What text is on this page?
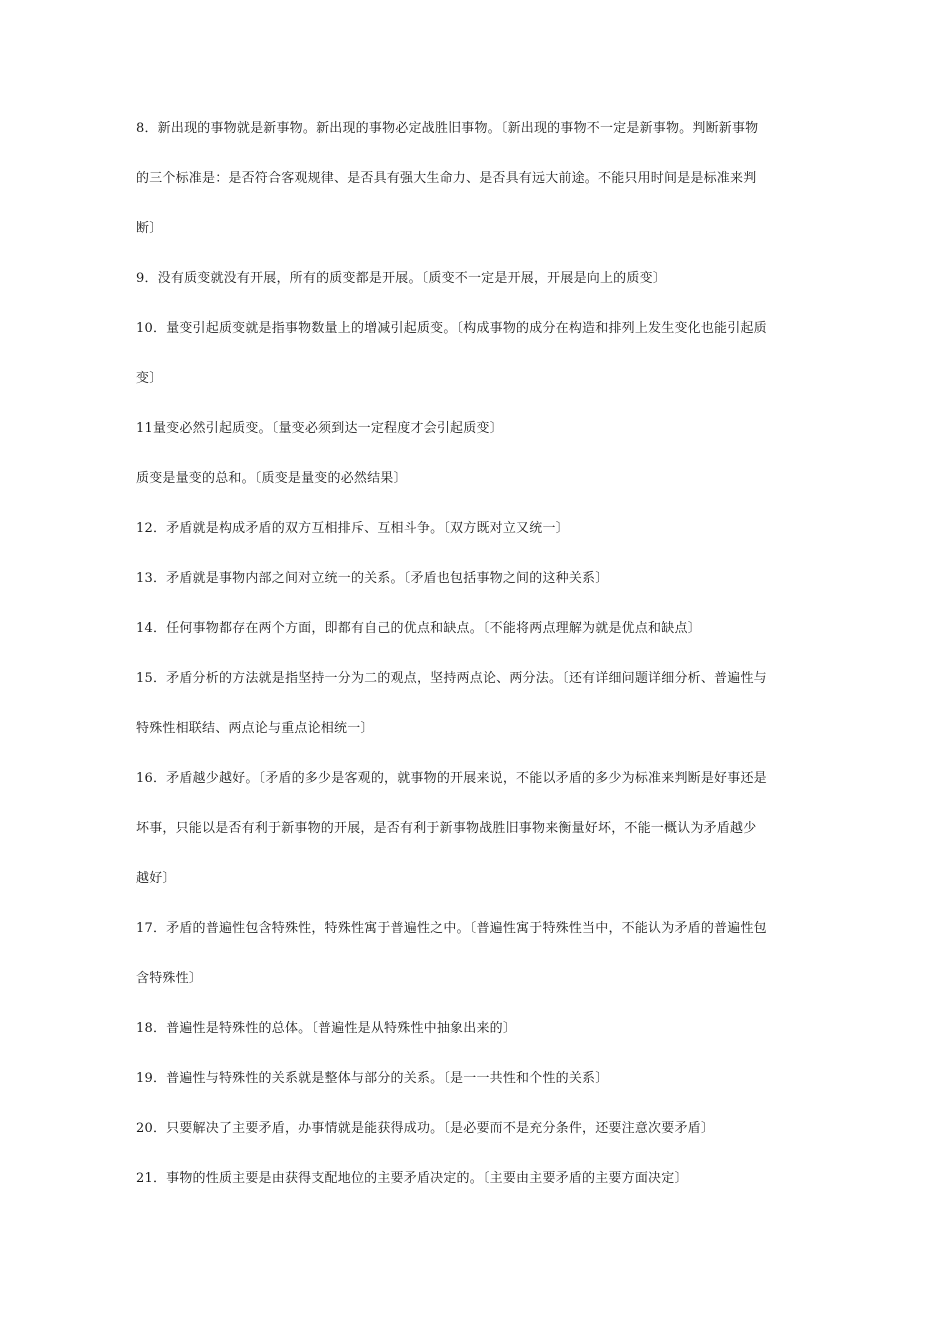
8．新出现的事物就是新事物。新出现的事物必定战胜旧事物。〔新出现的事物不一定是新事物。判断新事物
的三个标准是：是否符合客观规律、是否具有强大生命力、是否具有远大前途。不能只用时间是是标准来判
断〕
9．没有质变就没有开展，所有的质变都是开展。〔质变不一定是开展，开展是向上的质变〕
10．量变引起质变就是指事物数量上的增减引起质变。〔构成事物的成分在构造和排列上发生变化也能引起质
变〕
11量变必然引起质变。〔量变必须到达一定程度才会引起质变〕
质变是量变的总和。〔质变是量变的必然结果〕
12．矛盾就是构成矛盾的双方互相排斥、互相斗争。〔双方既对立又统一〕
13．矛盾就是事物内部之间对立统一的关系。〔矛盾也包括事物之间的这种关系〕
14．任何事物都存在两个方面，即都有自己的优点和缺点。〔不能将两点理解为就是优点和缺点〕
15．矛盾分析的方法就是指坚持一分为二的观点，坚持两点论、两分法。〔还有详细问题详细分析、普遍性与
特殊性相联结、两点论与重点论相统一〕
16．矛盾越少越好。〔矛盾的多少是客观的，就事物的开展来说，不能以矛盾的多少为标准来判断是好事还是
坏事，只能以是否有利于新事物的开展，是否有利于新事物战胜旧事物来衡量好坏，不能一概认为矛盾越少
越好〕
17．矛盾的普遍性包含特殊性，特殊性寓于普遍性之中。〔普遍性寓于特殊性当中，不能认为矛盾的普遍性包
含特殊性〕
18．普遍性是特殊性的总体。〔普遍性是从特殊性中抽象出来的〕
19．普遍性与特殊性的关系就是整体与部分的关系。〔是一一共性和个性的关系〕
20．只要解决了主要矛盾，办事情就是能获得成功。〔是必要而不是充分条件，还要注意次要矛盾〕
21．事物的性质主要是由获得支配地位的主要矛盾决定的。〔主要由主要矛盾的主要方面决定〕
